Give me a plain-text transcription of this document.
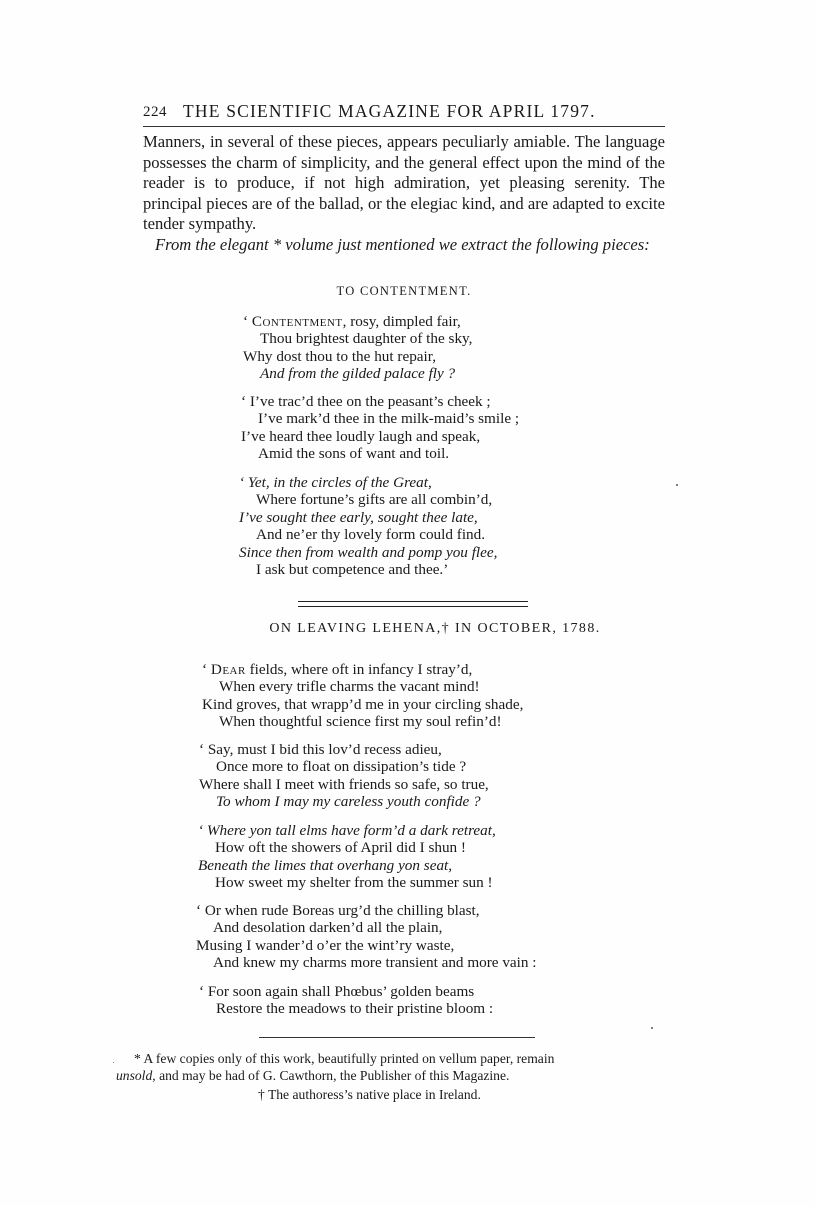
224 THE SCIENTIFIC MAGAZINE FOR APRIL 1797.

Manners, in several of these pieces, appears peculiarly amiable. The language possesses the charm of simplicity, and the general effect upon the mind of the reader is to produce, if not high admiration, yet pleasing serenity. The principal pieces are of the ballad, or the elegiac kind, and are adapted to excite tender sympathy.

From the elegant * volume just mentioned we extract the following pieces:

TO CONTENTMENT.
‘ Contentment, rosy, dimpled fair,
Thou brightest daughter of the sky,
Why dost thou to the hut repair,
And from the gilded palace fly ?
‘ I’ve trac’d thee on the peasant’s cheek ;
I’ve mark’d thee in the milk-maid’s smile ;
I’ve heard thee loudly laugh and speak,
Amid the sons of want and toil.
‘ Yet, in the circles of the Great,
Where fortune’s gifts are all combin’d,
I’ve sought thee early, sought thee late,
And ne’er thy lovely form could find.
Since then from wealth and pomp you flee,
I ask but competence and thee.’
ON LEAVING LEHENA,† IN OCTOBER, 1788.
‘ Dear fields, where oft in infancy I stray’d,
When every trifle charms the vacant mind!
Kind groves, that wrapp’d me in your circling shade,
When thoughtful science first my soul refin’d!
‘ Say, must I bid this lov’d recess adieu,
Once more to float on dissipation’s tide ?
Where shall I meet with friends so safe, so true,
To whom I may my careless youth confide ?
‘ Where yon tall elms have form’d a dark retreat,
How oft the showers of April did I shun !
Beneath the limes that overhang yon seat,
How sweet my shelter from the summer sun !
‘ Or when rude Boreas urg’d the chilling blast,
And desolation darken’d all the plain,
Musing I wander’d o’er the wint’ry waste,
And knew my charms more transient and more vain :
‘ For soon again shall Phœbus’ golden beams
Restore the meadows to their pristine bloom :
* A few copies only of this work, beautifully printed on vellum paper, remain
unsold, and may be had of G. Cawthorn, the Publisher of this Magazine.
† The authoress’s native place in Ireland.
